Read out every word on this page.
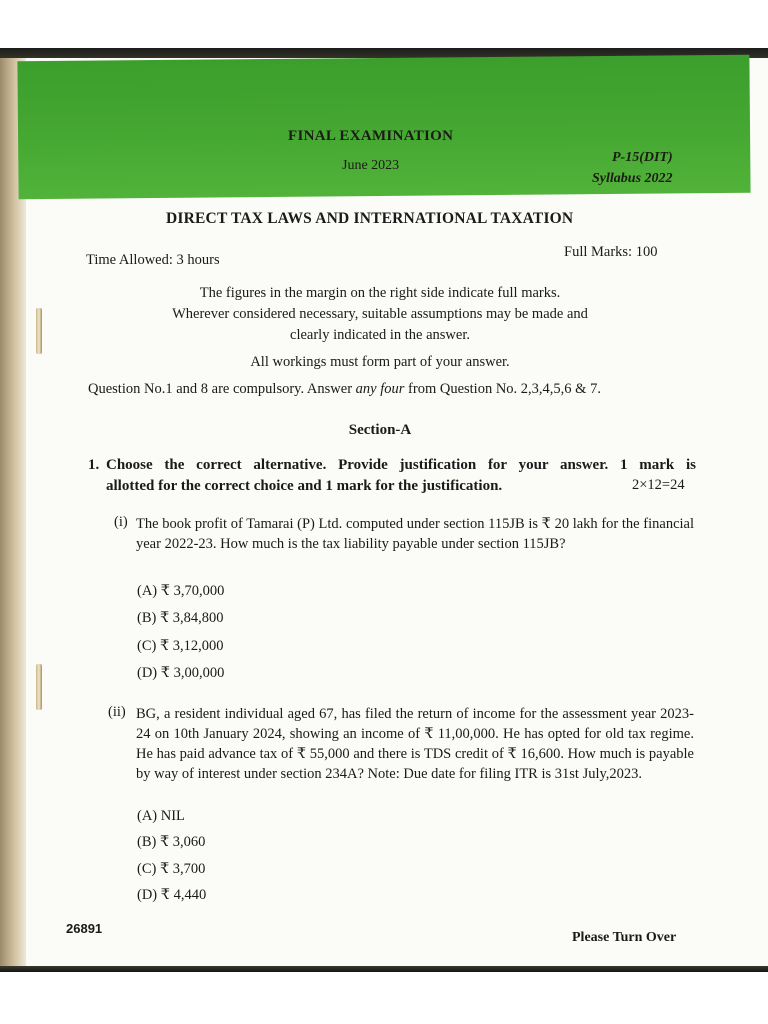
FINAL EXAMINATION
June 2023
P-15(DIT)
Syllabus 2022
DIRECT TAX LAWS AND INTERNATIONAL TAXATION
Time Allowed: 3 hours	Full Marks: 100
The figures in the margin on the right side indicate full marks.
Wherever considered necessary, suitable assumptions may be made and
clearly indicated in the answer.
All workings must form part of your answer.
Question No.1 and 8 are compulsory. Answer any four from Question No. 2,3,4,5,6 & 7.
Section-A
1. Choose the correct alternative. Provide justification for your answer. 1 mark is
allotted for the correct choice and 1 mark for the justification.	2×12=24
(i) The book profit of Tamarai (P) Ltd. computed under section 115JB is ₹ 20 lakh for the financial year 2022-23. How much is the tax liability payable under section 115JB?
(A) ₹ 3,70,000
(B) ₹ 3,84,800
(C) ₹ 3,12,000
(D) ₹ 3,00,000
(ii) BG, a resident individual aged 67, has filed the return of income for the assessment year 2023-24 on 10th January 2024, showing an income of ₹ 11,00,000. He has opted for old tax regime. He has paid advance tax of ₹ 55,000 and there is TDS credit of ₹ 16,600. How much is payable by way of interest under section 234A? Note: Due date for filing ITR is 31st July,2023.
(A) NIL
(B) ₹ 3,060
(C) ₹ 3,700
(D) ₹ 4,440
26891
Please Turn Over
